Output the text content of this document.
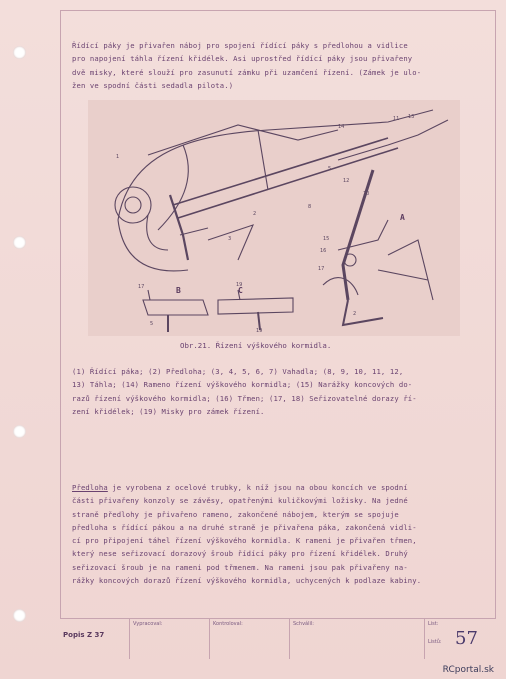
Řídící páky je přivařen náboj pro spojení řídící páky s předlohou a vidlice
pro napojení táhla řízení křidélek. Asi uprostřed řídící páky jsou přivařeny
dvě misky, které slouží pro zasunutí zámku při uzamčení řízení. (Zámek je ulo-
žen ve spodní části sedadla pilota.)
1
14
13
5
12
10
8
2
3	15
16
17
2
17	19
5
19
11
B	C
A
Obr.21. Řízení výškového kormidla.
(1) Řídící páka; (2) Předloha; (3, 4, 5, 6, 7) Vahadla; (8, 9, 10, 11, 12,
13) Táhla; (14) Rameno řízení výškového kormidla; (15) Narážky koncových do-
razů řízení výškového kormidla; (16) Třmen; (17, 18) Seřizovatelné dorazy ří-
zení křidélek; (19) Misky pro zámek řízení.
Předloha je vyrobena z ocelové trubky, k níž jsou na obou koncích ve spodní
části přivařeny konzoly se závěsy, opatřenými kuličkovými ložisky. Na jedné
straně předlohy je přivařeno rameno, zakončené nábojem, kterým se spojuje
předloha s řídící pákou a na druhé straně je přivařena páka, zakončená vidli-
cí pro připojení táhel řízení výškového kormidla. K rameni je přivařen třmen,
který nese seřizovací dorazový šroub řídící páky pro řízení křidélek. Druhý
seřizovací šroub je na rameni pod třmenem. Na rameni jsou pak přivařeny na-
rážky koncových dorazů řízení výškového kormidla, uchycených k podlaze kabiny.
Popis Z 37
Vypracoval:	Kontroloval:	Schválil:	List:

Listů: 57
RCportal.sk
